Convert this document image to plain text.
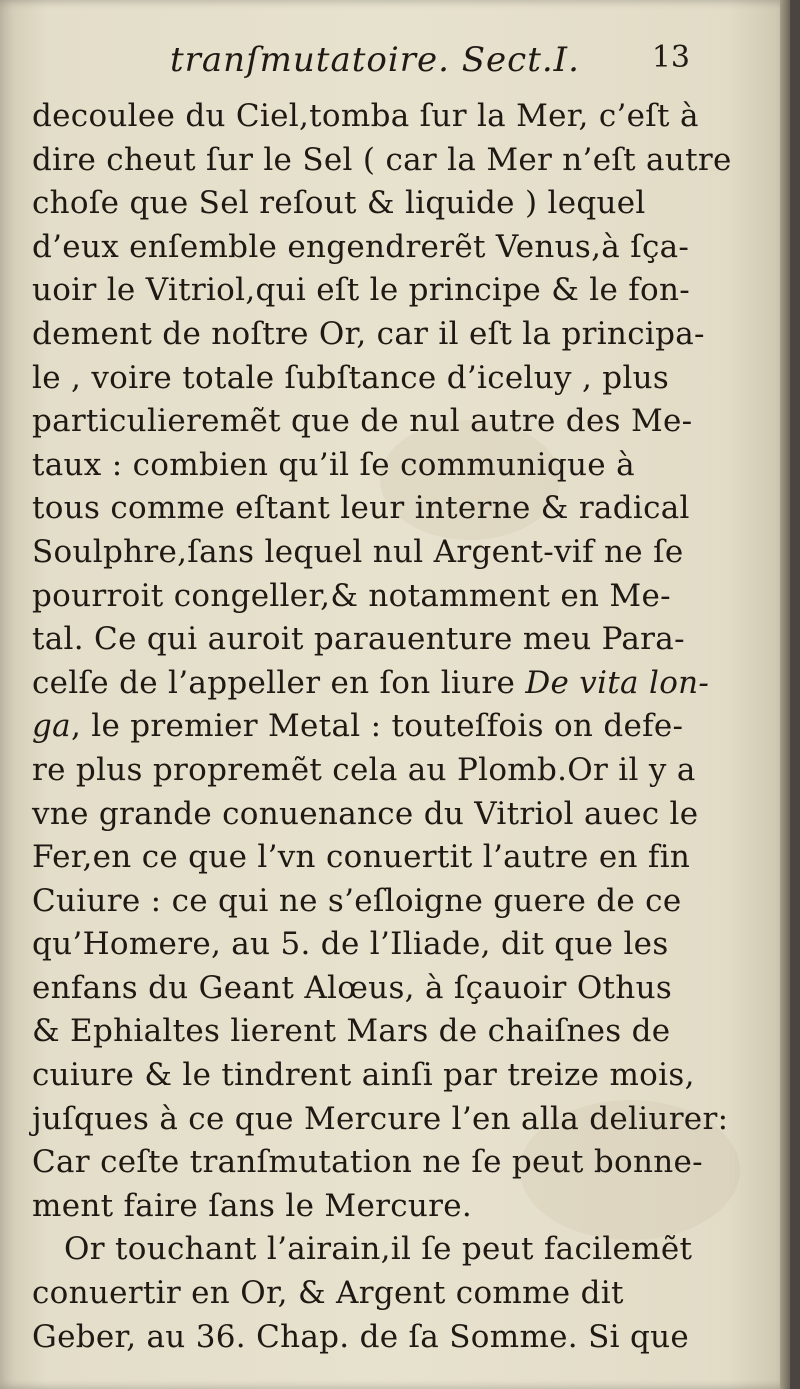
tranſmutatoire. Sect.I. 13
decoulee du Ciel,tomba ſur la Mer, c’eſt à
dire cheut ſur le Sel ( car la Mer n’eſt autre
choſe que Sel reſout & liquide ) lequel
d’eux enſemble engendrerẽt Venus,à ſça-
uoir le Vitriol,qui eſt le principe & le fon-
dement de noſtre Or, car il eſt la principa-
le , voire totale ſubſtance d’iceluy , plus
particulieremẽt que de nul autre des Me-
taux : combien qu’il ſe communique à
tous comme eſtant leur interne & radical
Soulphre,ſans lequel nul Argent-vif ne ſe
pourroit congeller,& notamment en Me-
tal. Ce qui auroit parauenture meu Para-
celſe de l’appeller en ſon liure De vita lon-
ga, le premier Metal : touteſfois on defe-
re plus propremẽt cela au Plomb.Or il y a
vne grande conuenance du Vitriol auec le
Fer,en ce que l’vn conuertit l’autre en fin
Cuiure : ce qui ne s’eſloigne guere de ce
qu’Homere, au 5. de l’Iliade, dit que les
enfans du Geant Alœus, à ſçauoir Othus
& Ephialtes lierent Mars de chaiſnes de
cuiure & le tindrent ainſi par treize mois,
juſques à ce que Mercure l’en alla deliurer:
Car ceſte tranſmutation ne ſe peut bonne-
ment faire ſans le Mercure.
Or touchant l’airain,il ſe peut facilemẽt
conuertir en Or, & Argent comme dit
Geber, au 36. Chap. de ſa Somme. Si que
